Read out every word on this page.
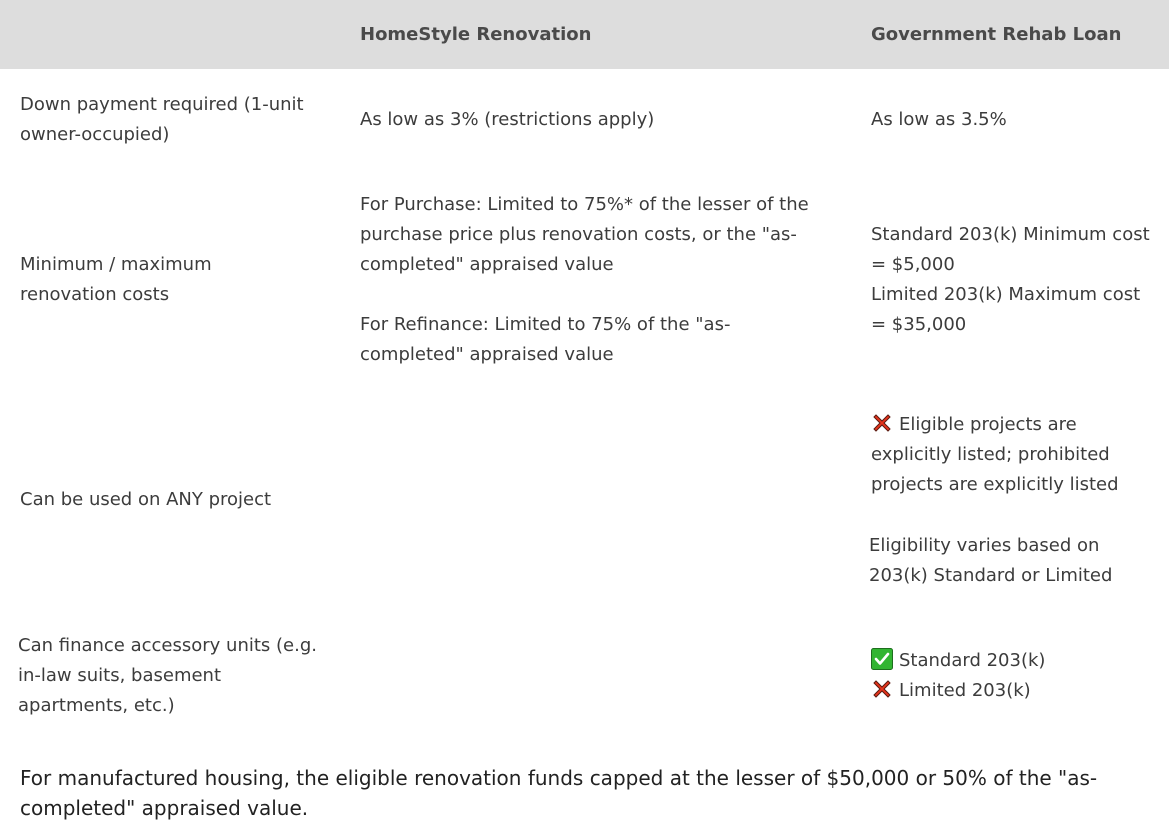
HomeStyle Renovation	Government Rehab Loan
Down payment required (1-unit owner-occupied)
As low as 3% (restrictions apply)	As low as 3.5%
Minimum / maximum renovation costs
For Purchase: Limited to 75%* of the lesser of the purchase price plus renovation costs, or the "as-completed" appraised value
For Refinance: Limited to 75% of the "as-completed" appraised value
Standard 203(k) Minimum cost = $5,000
Limited 203(k) Maximum cost = $35,000
Can be used on ANY project
Eligible projects are explicitly listed; prohibited projects are explicitly listed
Eligibility varies based on 203(k) Standard or Limited
Can finance accessory units (e.g. in-law suits, basement apartments, etc.)
Standard 203(k)
Limited 203(k)
For manufactured housing, the eligible renovation funds capped at the lesser of $50,000 or 50% of the "as-completed" appraised value.
